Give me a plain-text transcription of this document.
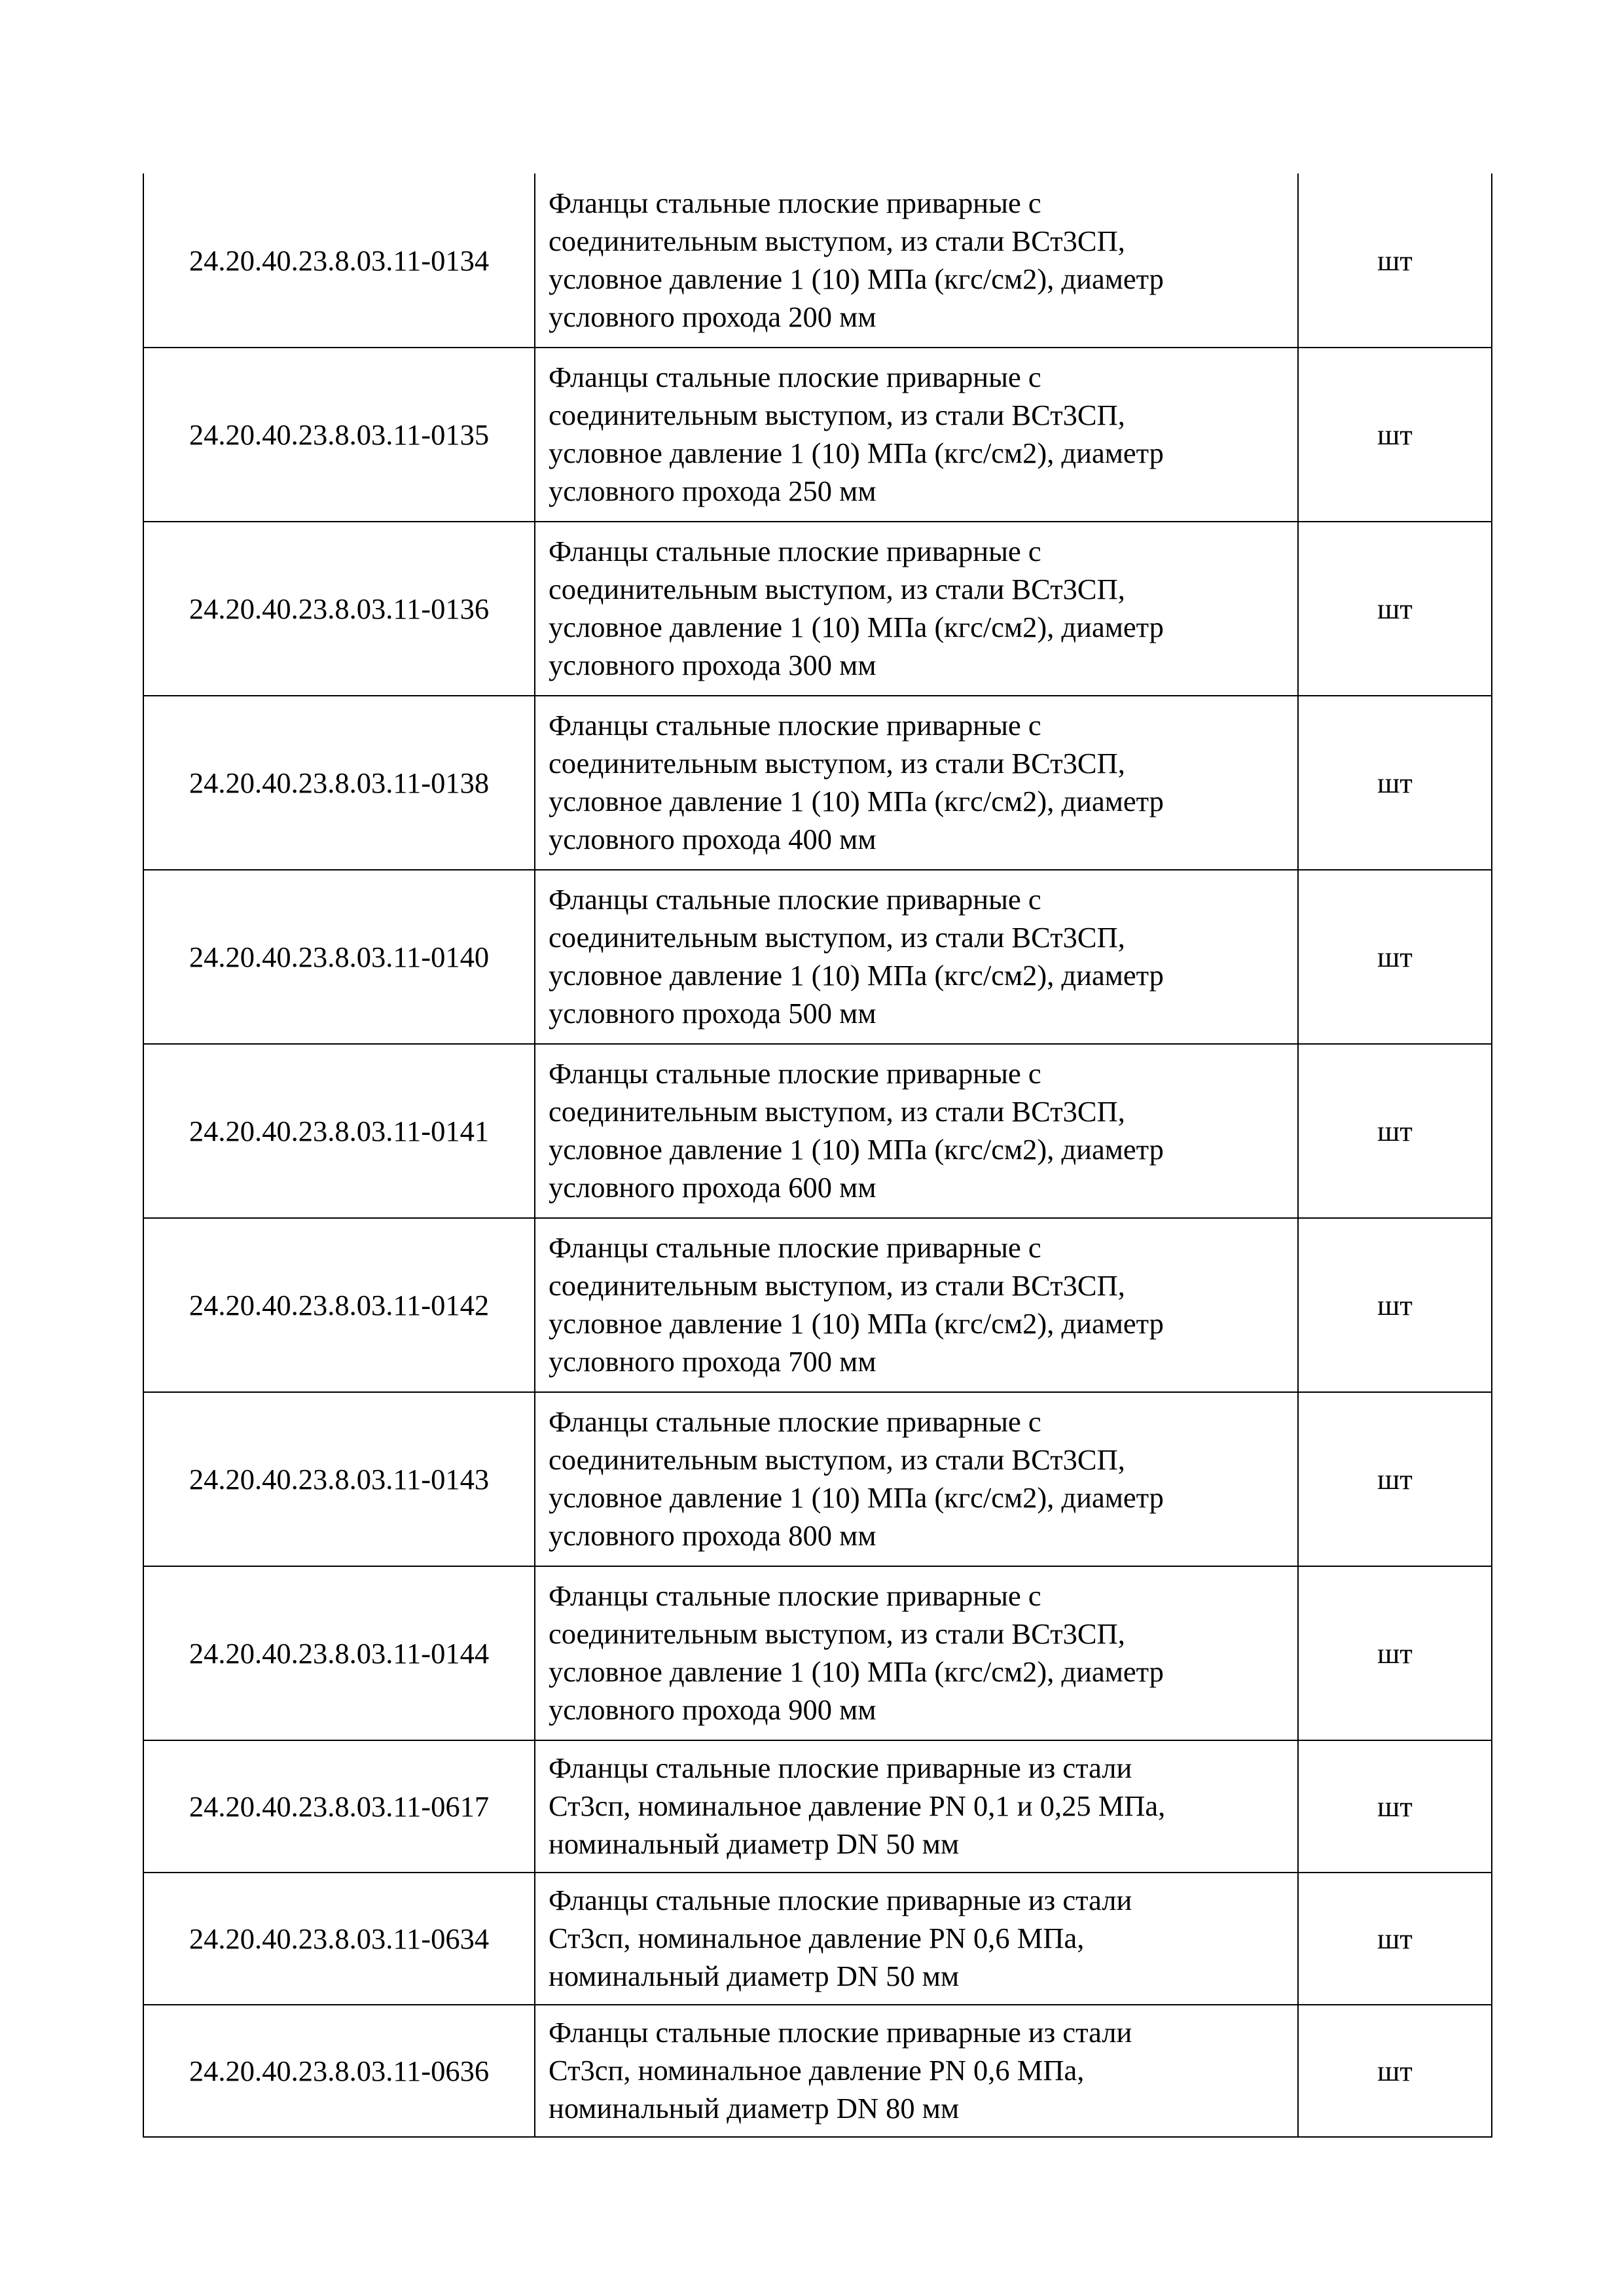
24.20.40.23.8.03.11-0134	Фланцы стальные плоские приварные с
соединительным выступом, из стали ВСт3СП,
условное давление 1 (10) МПа (кгс/см2), диаметр
условного прохода 200 мм	шт
24.20.40.23.8.03.11-0135	Фланцы стальные плоские приварные с
соединительным выступом, из стали ВСт3СП,
условное давление 1 (10) МПа (кгс/см2), диаметр
условного прохода 250 мм	шт
24.20.40.23.8.03.11-0136	Фланцы стальные плоские приварные с
соединительным выступом, из стали ВСт3СП,
условное давление 1 (10) МПа (кгс/см2), диаметр
условного прохода 300 мм	шт
24.20.40.23.8.03.11-0138	Фланцы стальные плоские приварные с
соединительным выступом, из стали ВСт3СП,
условное давление 1 (10) МПа (кгс/см2), диаметр
условного прохода 400 мм	шт
24.20.40.23.8.03.11-0140	Фланцы стальные плоские приварные с
соединительным выступом, из стали ВСт3СП,
условное давление 1 (10) МПа (кгс/см2), диаметр
условного прохода 500 мм	шт
24.20.40.23.8.03.11-0141	Фланцы стальные плоские приварные с
соединительным выступом, из стали ВСт3СП,
условное давление 1 (10) МПа (кгс/см2), диаметр
условного прохода 600 мм	шт
24.20.40.23.8.03.11-0142	Фланцы стальные плоские приварные с
соединительным выступом, из стали ВСт3СП,
условное давление 1 (10) МПа (кгс/см2), диаметр
условного прохода 700 мм	шт
24.20.40.23.8.03.11-0143	Фланцы стальные плоские приварные с
соединительным выступом, из стали ВСт3СП,
условное давление 1 (10) МПа (кгс/см2), диаметр
условного прохода 800 мм	шт
24.20.40.23.8.03.11-0144	Фланцы стальные плоские приварные с
соединительным выступом, из стали ВСт3СП,
условное давление 1 (10) МПа (кгс/см2), диаметр
условного прохода 900 мм	шт
24.20.40.23.8.03.11-0617	Фланцы стальные плоские приварные из стали
Ст3сп, номинальное давление PN 0,1 и 0,25 МПа,
номинальный диаметр DN 50 мм	шт
24.20.40.23.8.03.11-0634	Фланцы стальные плоские приварные из стали
Ст3сп, номинальное давление PN 0,6 МПа,
номинальный диаметр DN 50 мм	шт
24.20.40.23.8.03.11-0636	Фланцы стальные плоские приварные из стали
Ст3сп, номинальное давление PN 0,6 МПа,
номинальный диаметр DN 80 мм	шт
